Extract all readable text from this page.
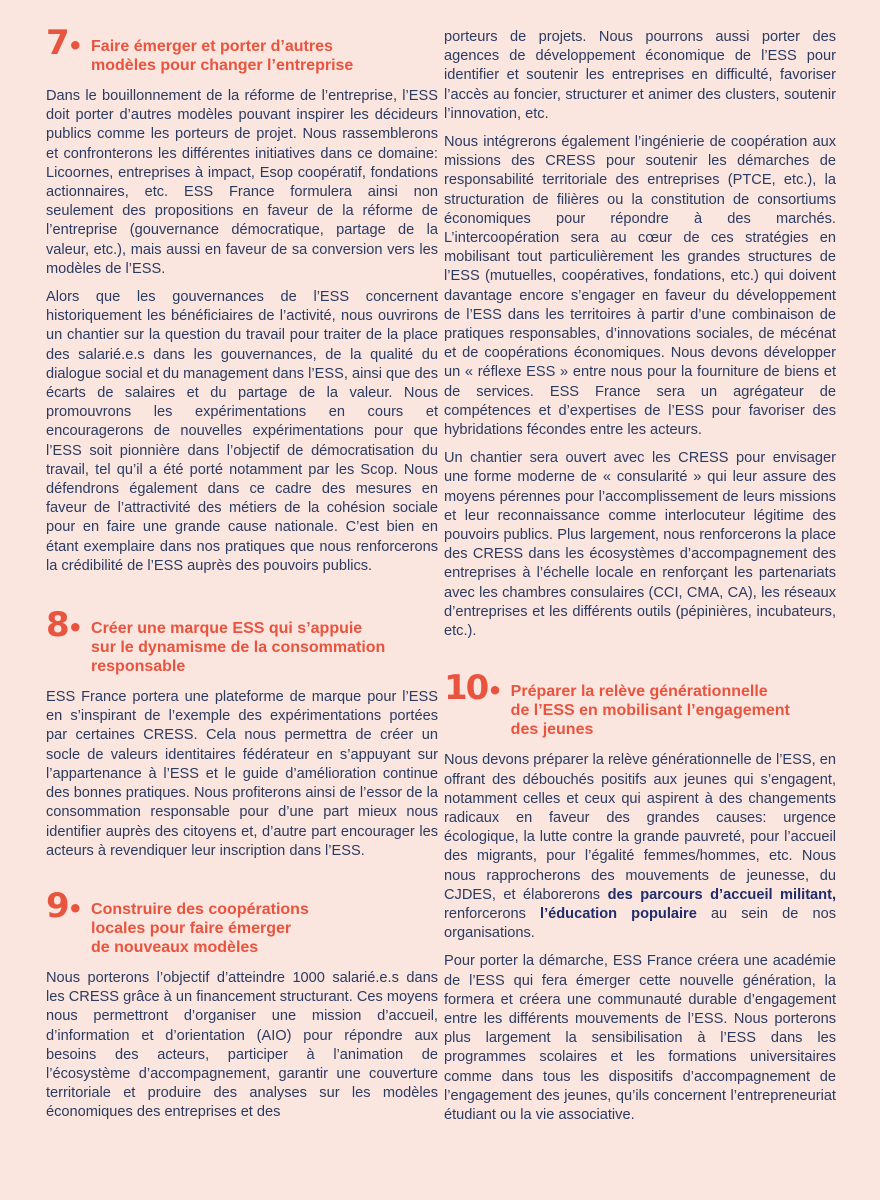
7• Faire émerger et porter d’autres
modèles pour changer l’entreprise

Dans le bouillonnement de la réforme de l’entreprise, l’ESS doit porter d’autres modèles pouvant inspirer les décideurs publics comme les porteurs de projet. Nous rassemblerons et confronterons les différentes initiatives dans ce domaine: Licoornes, entreprises à impact, Esop coopératif, fondations actionnaires, etc. ESS France formulera ainsi non seulement des propositions en faveur de la réforme de l’entreprise (gouvernance démocratique, partage de la valeur, etc.), mais aussi en faveur de sa conversion vers les modèles de l’ESS.

Alors que les gouvernances de l’ESS concernent historiquement les bénéficiaires de l’activité, nous ouvrirons un chantier sur la question du travail pour traiter de la place des salarié.e.s dans les gouvernances, de la qualité du dialogue social et du management dans l’ESS, ainsi que des écarts de salaires et du partage de la valeur. Nous promouvrons les expérimentations en cours et encouragerons de nouvelles expérimentations pour que l’ESS soit pionnière dans l’objectif de démocratisation du travail, tel qu’il a été porté notamment par les Scop. Nous défendrons également dans ce cadre des mesures en faveur de l’attractivité des métiers de la cohésion sociale pour en faire une grande cause nationale. C’est bien en étant exemplaire dans nos pratiques que nous renforcerons la crédibilité de l’ESS auprès des pouvoirs publics.

8• Créer une marque ESS qui s’appuie
sur le dynamisme de la consommation
responsable

ESS France portera une plateforme de marque pour l’ESS en s’inspirant de l’exemple des expérimentations portées par certaines CRESS. Cela nous permettra de créer un socle de valeurs identitaires fédérateur en s’appuyant sur l’appartenance à l’ESS et le guide d’amélioration continue des bonnes pratiques. Nous profiterons ainsi de l’essor de la consommation responsable pour d’une part mieux nous identifier auprès des citoyens et, d’autre part encourager les acteurs à revendiquer leur inscription dans l’ESS.

9• Construire des coopérations
locales pour faire émerger
de nouveaux modèles

Nous porterons l’objectif d’atteindre 1000 salarié.e.s dans les CRESS grâce à un financement structurant. Ces moyens nous permettront d’organiser une mission d’accueil, d’information et d’orientation (AIO) pour répondre aux besoins des acteurs, participer à l’animation de l’écosystème d’accompagnement, garantir une couverture territoriale et produire des analyses sur les modèles économiques des entreprises et des

porteurs de projets. Nous pourrons aussi porter des agences de développement économique de l’ESS pour identifier et soutenir les entreprises en difficulté, favoriser l’accès au foncier, structurer et animer des clusters, soutenir l’innovation, etc.

Nous intégrerons également l’ingénierie de coopération aux missions des CRESS pour soutenir les démarches de responsabilité territoriale des entreprises (PTCE, etc.), la structuration de filières ou la constitution de consortiums économiques pour répondre à des marchés. L’intercoopération sera au cœur de ces stratégies en mobilisant tout particulièrement les grandes structures de l’ESS (mutuelles, coopératives, fondations, etc.) qui doivent davantage encore s’engager en faveur du développement de l’ESS dans les territoires à partir d’une combinaison de pratiques responsables, d’innovations sociales, de mécénat et de coopérations économiques. Nous devons développer un « réflexe ESS » entre nous pour la fourniture de biens et de services. ESS France sera un agrégateur de compétences et d’expertises de l’ESS pour favoriser des hybridations fécondes entre les acteurs.

Un chantier sera ouvert avec les CRESS pour envisager une forme moderne de « consularité » qui leur assure des moyens pérennes pour l’accomplissement de leurs missions et leur reconnaissance comme interlocuteur légitime des pouvoirs publics. Plus largement, nous renforcerons la place des CRESS dans les écosystèmes d’accompagnement des entreprises à l’échelle locale en renforçant les partenariats avec les chambres consulaires (CCI, CMA, CA), les réseaux d’entreprises et les différents outils (pépinières, incubateurs, etc.).

10• Préparer la relève générationnelle
de l’ESS en mobilisant l’engagement
des jeunes

Nous devons préparer la relève générationnelle de l’ESS, en offrant des débouchés positifs aux jeunes qui s’engagent, notamment celles et ceux qui aspirent à des changements radicaux en faveur des grandes causes: urgence écologique, la lutte contre la grande pauvreté, pour l’accueil des migrants, pour l’égalité femmes/hommes, etc. Nous nous rapprocherons des mouvements de jeunesse, du CJDES, et élaborerons des parcours d’accueil militant, renforcerons l’éducation populaire au sein de nos organisations.

Pour porter la démarche, ESS France créera une académie de l’ESS qui fera émerger cette nouvelle génération, la formera et créera une communauté durable d’engagement entre les différents mouvements de l’ESS. Nous porterons plus largement la sensibilisation à l’ESS dans les programmes scolaires et les formations universitaires comme dans tous les dispositifs d’accompagnement de l’engagement des jeunes, qu’ils concernent l’entrepreneuriat étudiant ou la vie associative.
